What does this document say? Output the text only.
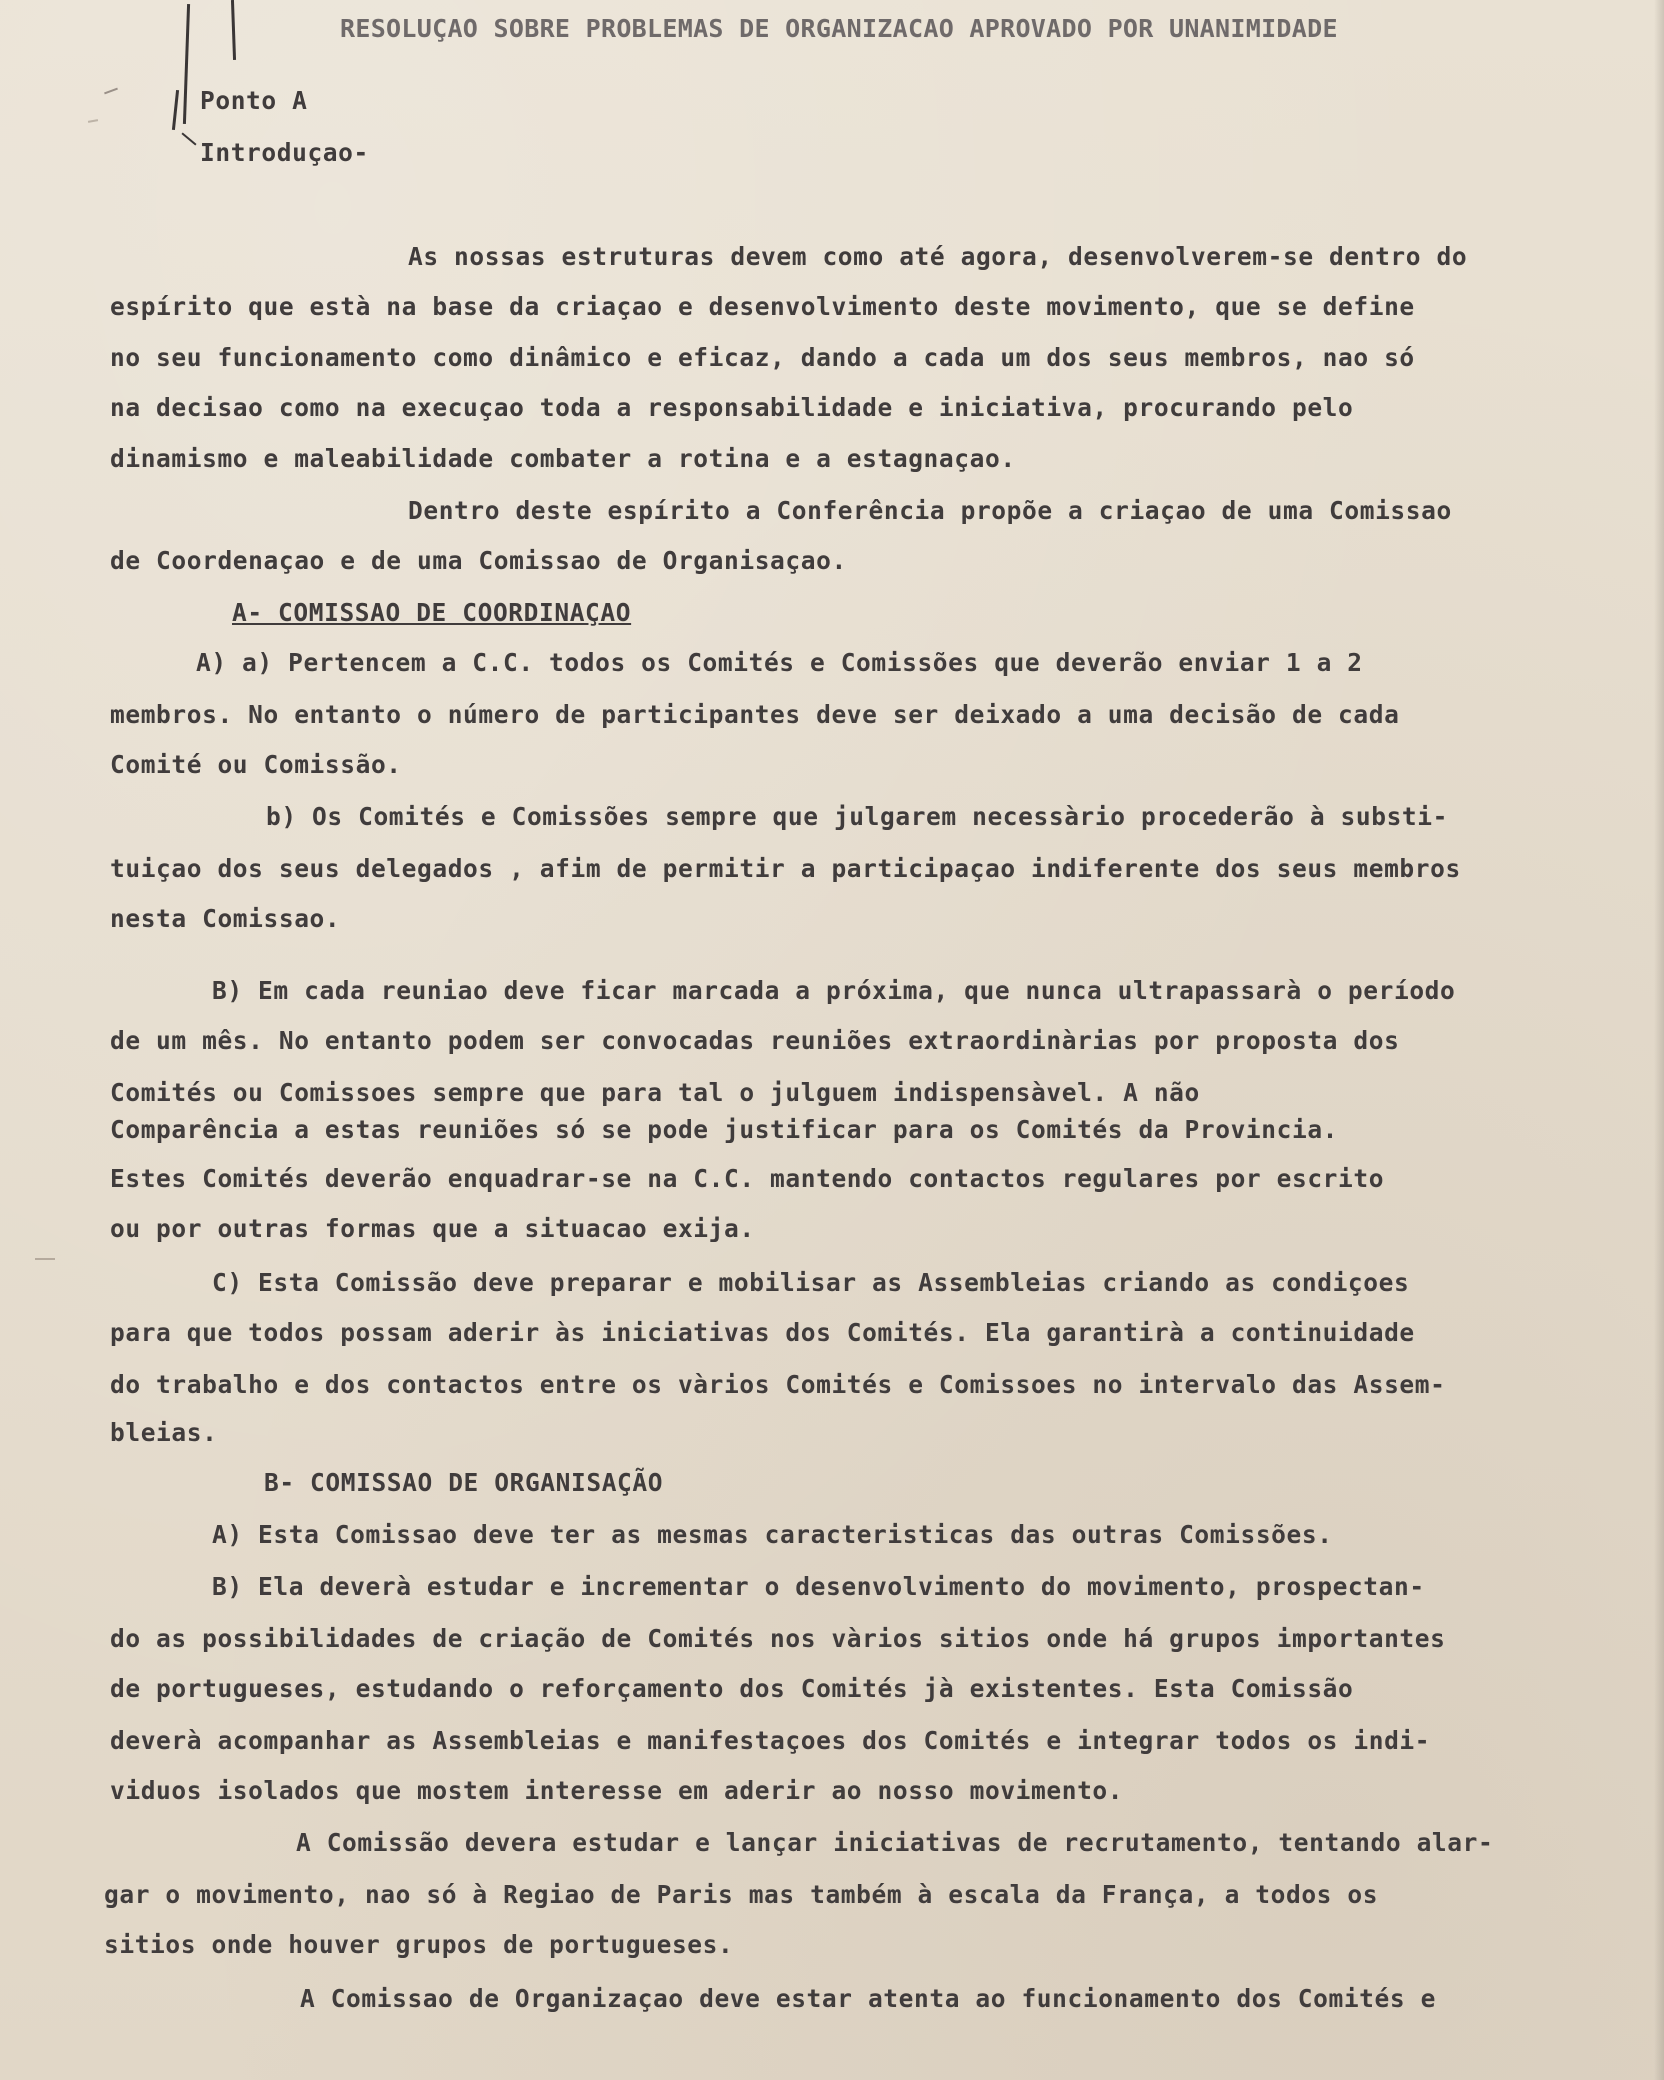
RESOLUÇAO SOBRE PROBLEMAS DE ORGANIZACAO APROVADO POR UNANIMIDADE
Ponto A
Introduçao-
As nossas estruturas devem como até agora, desenvolverem-se dentro do
espírito que està na base da criaçao e desenvolvimento deste movimento, que se define
no seu funcionamento como dinâmico e eficaz, dando a cada um dos seus membros, nao só
na decisao como na execuçao toda a responsabilidade e iniciativa, procurando pelo
dinamismo e maleabilidade combater a rotina e a estagnaçao.
Dentro deste espírito a Conferência propõe a criaçao de uma Comissao
de Coordenaçao e de uma Comissao de Organisaçao.
A- COMISSAO DE COORDINAÇAO
A) a) Pertencem a C.C. todos os Comités e Comissões que deverão enviar 1 a 2
membros. No entanto o número de participantes deve ser deixado a uma decisão de cada
Comité ou Comissão.
b) Os Comités e Comissões sempre que julgarem necessàrio procederão à substi-
tuiçao dos seus delegados , afim de permitir a participaçao indiferente dos seus membros
nesta Comissao.
B) Em cada reuniao deve ficar marcada a próxima, que nunca ultrapassarà o período
de um mês. No entanto podem ser convocadas reuniões extraordinàrias por proposta dos
Comités ou Comissoes sempre que para tal o julguem indispensàvel. A não
Comparência a estas reuniões só se pode justificar para os Comités da Provincia.
Estes Comités deverão enquadrar-se na C.C. mantendo contactos regulares por escrito
ou por outras formas que a situacao exija.
C) Esta Comissão deve preparar e mobilisar as Assembleias criando as condiçoes
para que todos possam aderir às iniciativas dos Comités. Ela garantirà a continuidade
do trabalho e dos contactos entre os vàrios Comités e Comissoes no intervalo das Assem-
bleias.
B- COMISSAO DE ORGANISAÇÃO
A) Esta Comissao deve ter as mesmas caracteristicas das outras Comissões.
B) Ela deverà estudar e incrementar o desenvolvimento do movimento, prospectan-
do as possibilidades de criação de Comités nos vàrios sitios onde há grupos importantes
de portugueses, estudando o reforçamento dos Comités jà existentes. Esta Comissão
deverà acompanhar as Assembleias e manifestaçoes dos Comités e integrar todos os indi-
viduos isolados que mostem interesse em aderir ao nosso movimento.
A Comissão devera estudar e lançar iniciativas de recrutamento, tentando alar-
gar o movimento, nao só à Regiao de Paris mas também à escala da França, a todos os
sitios onde houver grupos de portugueses.
A Comissao de Organizaçao deve estar atenta ao funcionamento dos Comités e
